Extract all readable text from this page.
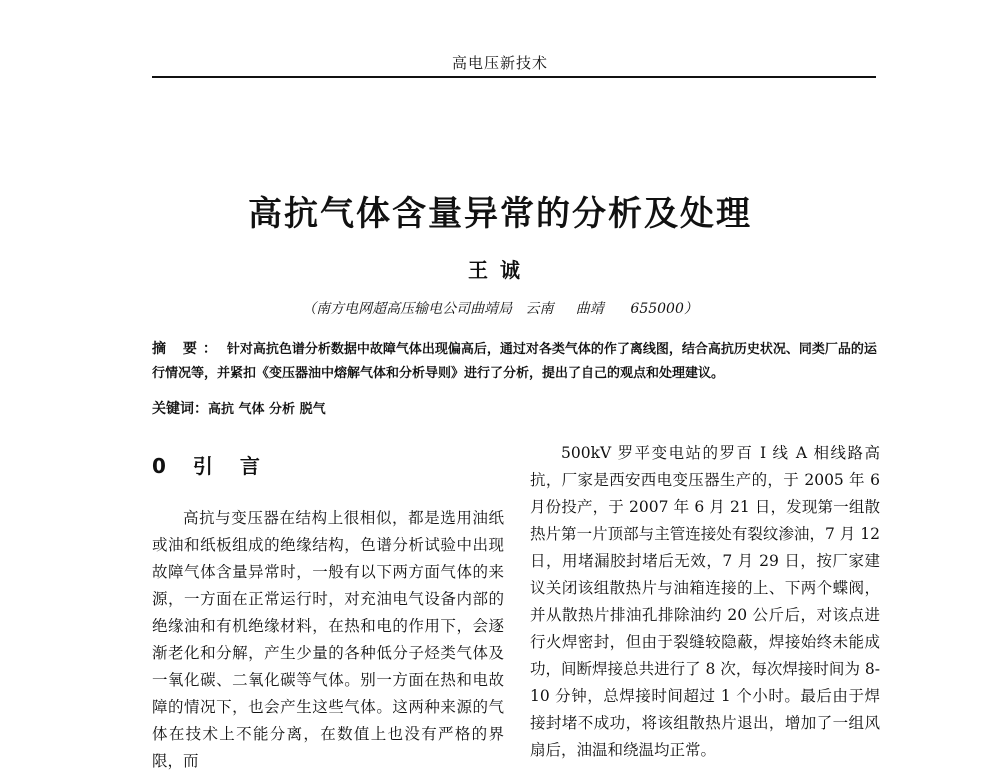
高电压新技术
高抗气体含量异常的分析及处理
王诚
（南方电网超高压输电公司曲靖局   云南     曲靖      655000）
摘 要： 针对高抗色谱分析数据中故障气体出现偏高后，通过对各类气体的作了离线图，结合高抗历史状况、同类厂品的运行情况等，并紧扣《变压器油中熔解气体和分析导则》进行了分析，提出了自己的观点和处理建议。
关键词：高抗 气体 分析 脱气
0 引 言
高抗与变压器在结构上很相似，都是选用油纸或油和纸板组成的绝缘结构，色谱分析试验中出现故障气体含量异常时，一般有以下两方面气体的来源，一方面在正常运行时，对充油电气设备内部的绝缘油和有机绝缘材料，在热和电的作用下，会逐渐老化和分解，产生少量的各种低分子烃类气体及一氧化碳、二氧化碳等气体。别一方面在热和电故障的情况下，也会产生这些气体。这两种来源的气体在技术上不能分离，在数值上也没有严格的界限，而
500kV 罗平变电站的罗百 I 线 A 相线路高抗，厂家是西安西电变压器生产的，于 2005 年 6 月份投产，于 2007 年 6 月 21 日，发现第一组散热片第一片顶部与主管连接处有裂纹渗油，7 月 12 日，用堵漏胶封堵后无效，7 月 29 日，按厂家建议关闭该组散热片与油箱连接的上、下两个蝶阀，并从散热片排油孔排除油约 20 公斤后，对该点进行火焊密封，但由于裂缝较隐蔽，焊接始终未能成功，间断焊接总共进行了 8 次，每次焊接时间为 8-10 分钟，总焊接时间超过 1 个小时。最后由于焊接封堵不成功，将该组散热片退出，增加了一组风扇后，油温和绕温均正常。
